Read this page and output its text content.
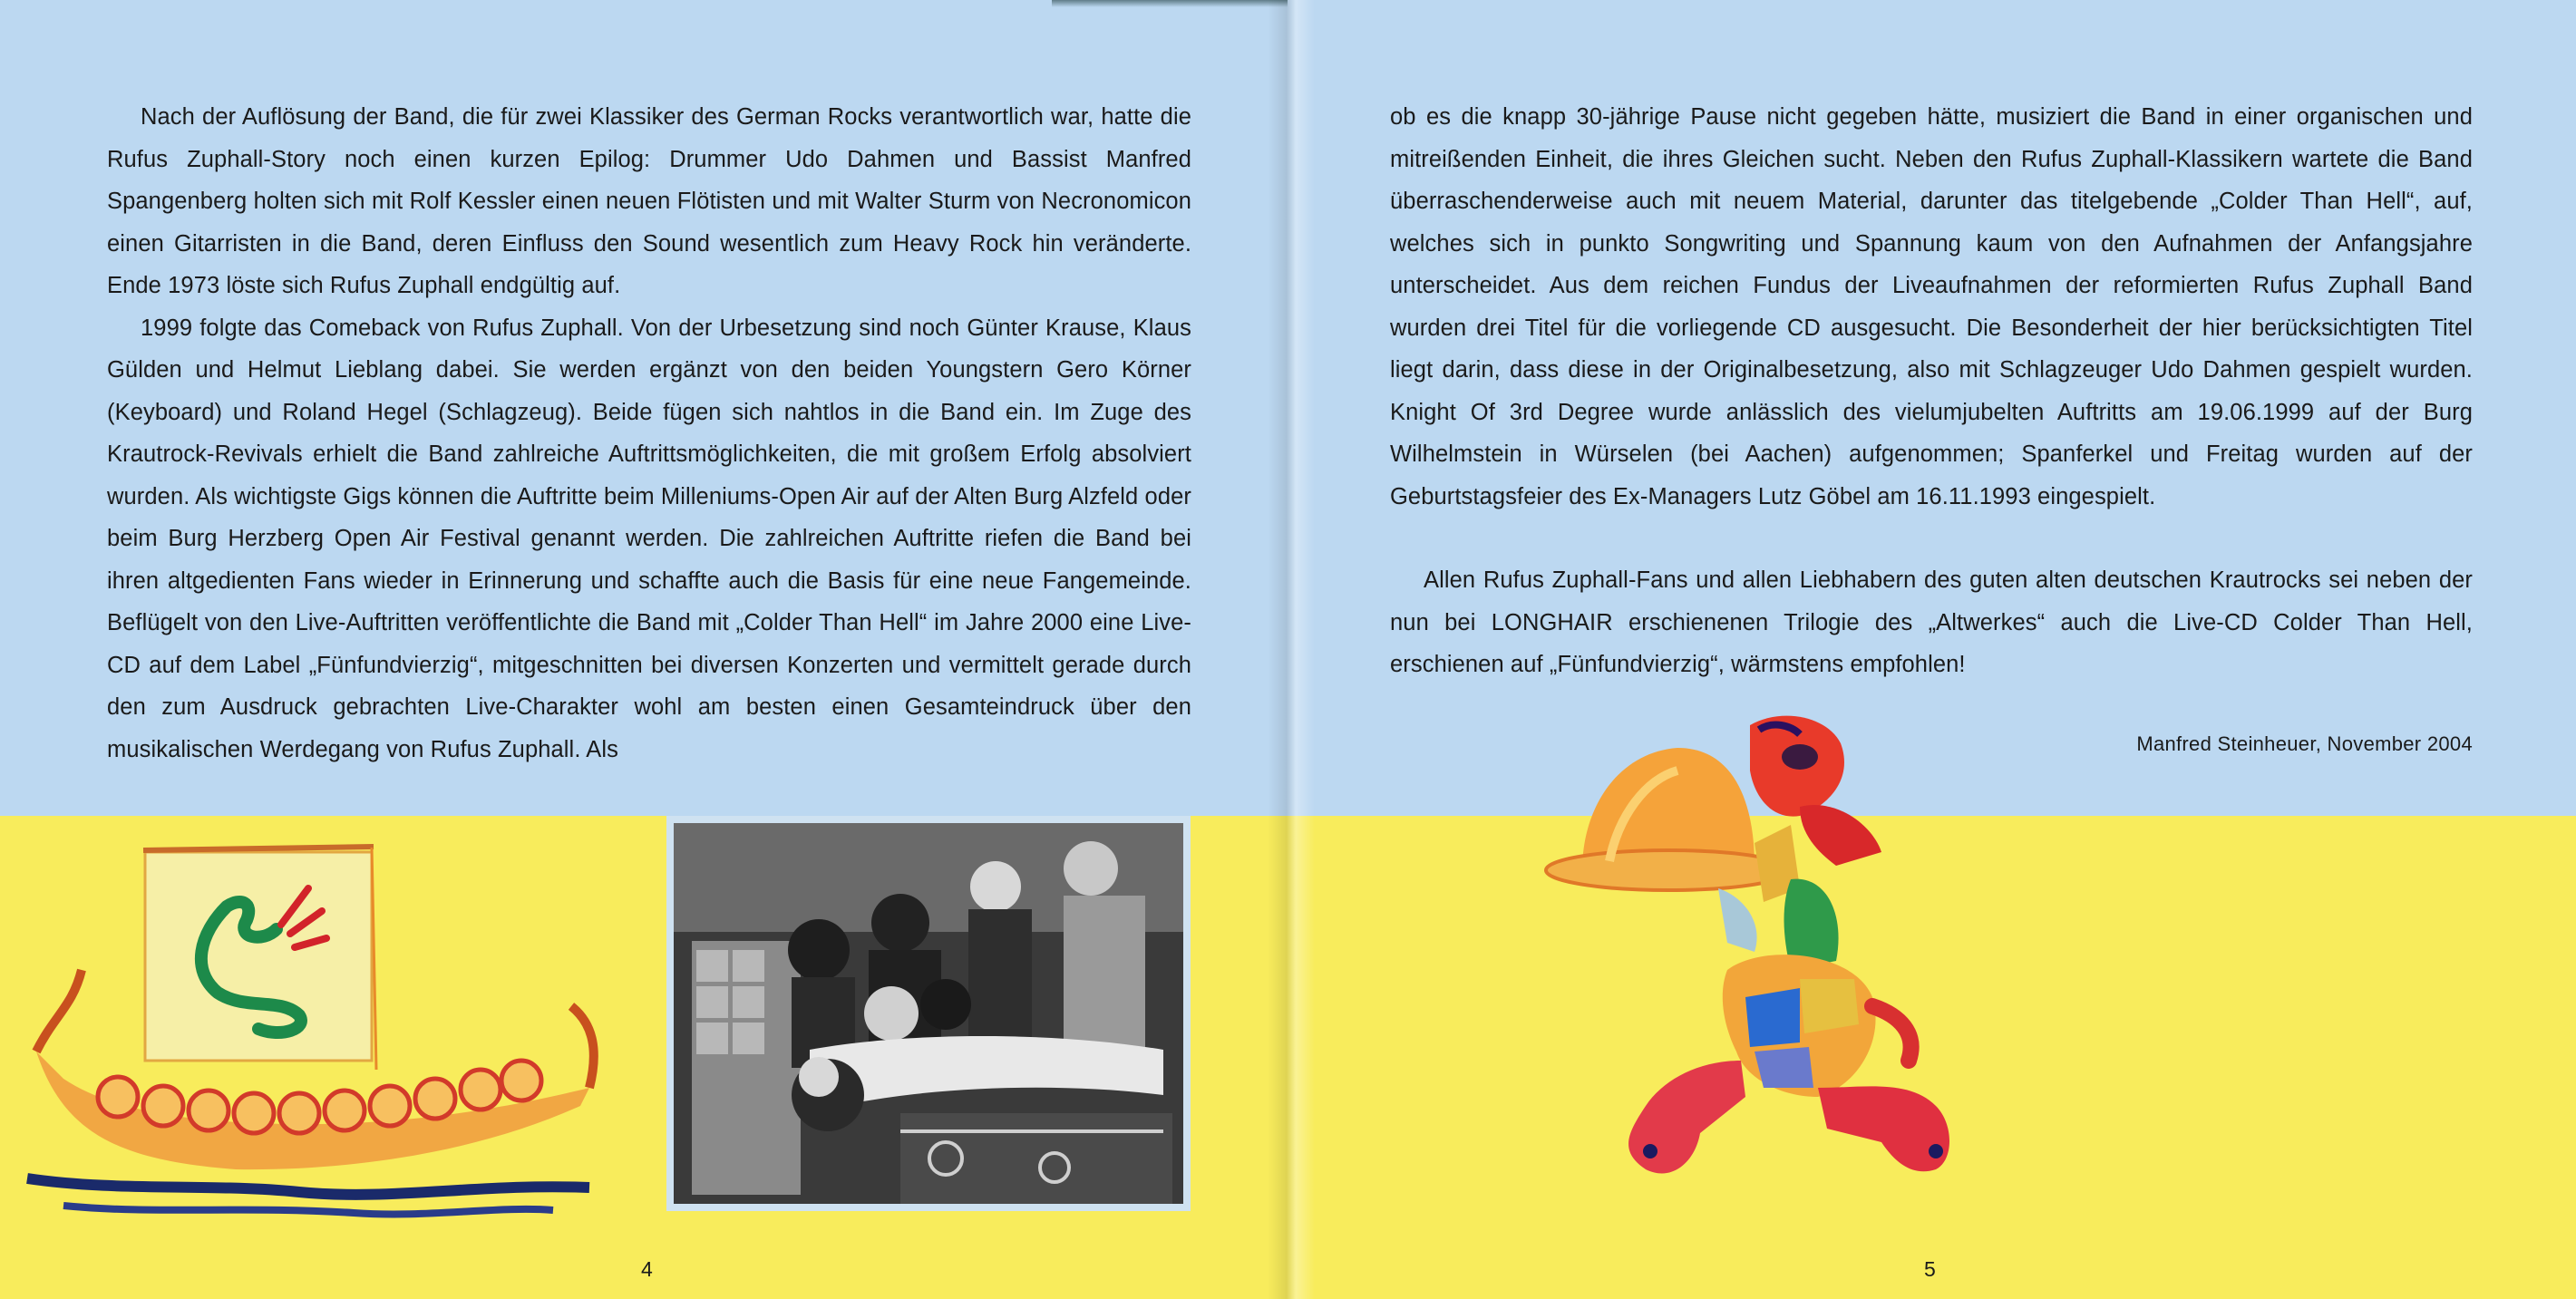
Nach der Auflösung der Band, die für zwei Klassiker des German Rocks verantwortlich war, hatte die Rufus Zuphall-Story noch einen kurzen Epilog: Drummer Udo Dahmen und Bassist Manfred Spangenberg holten sich mit Rolf Kessler einen neuen Flötisten und mit Walter Sturm von Necronomicon einen Gitarristen in die Band, deren Einfluss den Sound wesentlich zum Heavy Rock hin veränderte. Ende 1973 löste sich Rufus Zuphall endgültig auf.

1999 folgte das Comeback von Rufus Zuphall. Von der Urbesetzung sind noch Günter Krause, Klaus Gülden und Helmut Lieblang dabei. Sie werden ergänzt von den beiden Youngstern Gero Körner (Keyboard) und Roland Hegel (Schlagzeug). Beide fügen sich nahtlos in die Band ein. Im Zuge des Krautrock-Revivals erhielt die Band zahlreiche Auftrittsmöglichkeiten, die mit großem Erfolg absolviert wurden. Als wichtigste Gigs können die Auftritte beim Milleniums-Open Air auf der Alten Burg Alzfeld oder beim Burg Herzberg Open Air Festival genannt werden. Die zahlreichen Auftritte riefen die Band bei ihren altgedienten Fans wieder in Erinnerung und schaffte auch die Basis für eine neue Fangemeinde. Beflügelt von den Live-Auftritten veröffentlichte die Band mit „Colder Than Hell“ im Jahre 2000 eine Live-CD auf dem Label „Fünfundvierzig“, mitgeschnitten bei diversen Konzerten und vermittelt gerade durch den zum Ausdruck gebrachten Live-Charakter wohl am besten einen Gesamteindruck über den musikalischen Werdegang von Rufus Zuphall. Als

4

ob es die knapp 30-jährige Pause nicht gegeben hätte, musiziert die Band in einer organischen und mitreißenden Einheit, die ihres Gleichen sucht. Neben den Rufus Zuphall-Klassikern wartete die Band überraschenderweise auch mit neuem Material, darunter das titelgebende „Colder Than Hell“, auf, welches sich in punkto Songwriting und Spannung kaum von den Aufnahmen der Anfangsjahre unterscheidet. Aus dem reichen Fundus der Liveaufnahmen der reformierten Rufus Zuphall Band wurden drei Titel für die vorliegende CD ausgesucht. Die Besonderheit der hier berücksichtigten Titel liegt darin, dass diese in der Originalbesetzung, also mit Schlagzeuger Udo Dahmen gespielt wurden. Knight Of 3rd Degree wurde anlässlich des vielumjubelten Auftritts am 19.06.1999 auf der Burg Wilhelmstein in Würselen (bei Aachen) aufgenommen; Spanferkel und Freitag wurden auf der Geburtstagsfeier des Ex-Managers Lutz Göbel am 16.11.1993 eingespielt.

Allen Rufus Zuphall-Fans und allen Liebhabern des guten alten deutschen Krautrocks sei neben der nun bei LONGHAIR erschienenen Trilogie des „Altwerkes“ auch die Live-CD Colder Than Hell, erschienen auf „Fünfundvierzig“, wärmstens empfohlen!

Manfred Steinheuer, November 2004
5
